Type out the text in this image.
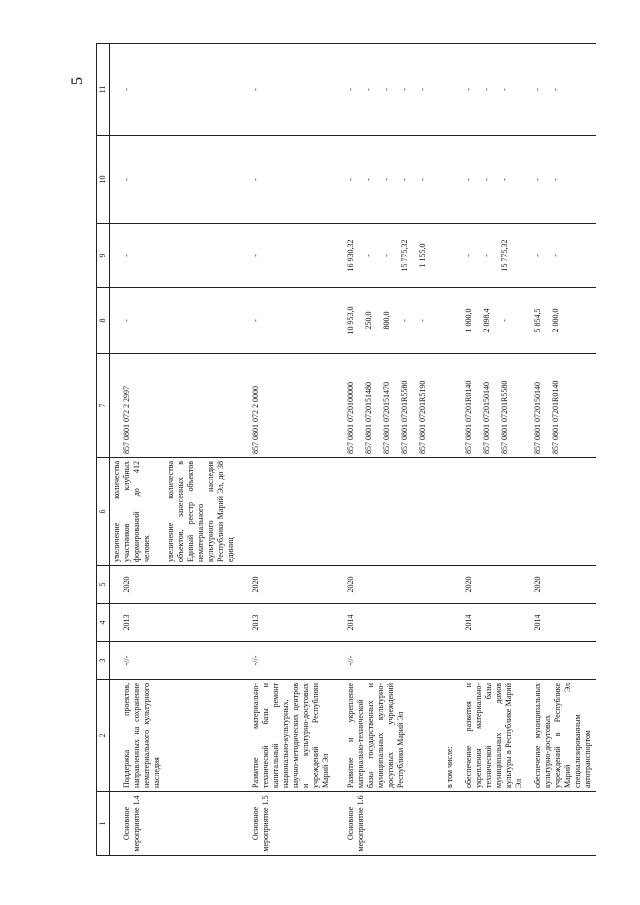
5
1	2	3	4	5	6	7	8	9	10	11
Основное мероприятие 1.4	Поддержка проектов, направленных на сохранение нематериального культурного наследия	-//-	2013	2020	увеличение количества участников клубных формирований до 412 человек увеличение количества объектов, занесенных в Единый реестр объектов нематериального культурного наследия Республики Марий Эл, до 38 единиц	857 0801 072 2 2997	-	-	-	-

Основное мероприятие 1.5	Развитие материально-технической базы и капитальный ремонт национально-культурных, научно-методических центров и культурно-досуговых учреждений Республики Марий Эл	-//-	2013	2020		857 0801 072 2 0000	-	-	-	-

Основное мероприятие 1.6	Развитие и укрепление материально-технической базы государственных и муниципальных культурно-досуговых учреждений Республики Марий Эл	-//-	2014	2020		857 0801 0720100000 857 0801 0720151480 857 0801 0720151470 857 0801 07201R5580 857 0801 07201R5190	10 953,0 250,0 800,0 - -	16 930,32 - - 15 775,32 1 155,0	- - - - -	- - - - -

	в том числе:				

	обеспечение развития и укрепления материально-технической базы муниципальных домов культуры в Республике Марий Эл		2014	2020		857 0801 07201R0140 857 0801 0720150140 857 0801 07201R5580	1 000,0 2 098,4 -	- - 15 775,32	- - -	- - -

	обеспечение муниципальных культурно-досуговых учреждений в Республике Марий Эл специализированным автотранспортом		2014	2020		857 0801 0720150140 857 0801 07201R0140	5 854,5 2 000,0	- -	- -	- -
